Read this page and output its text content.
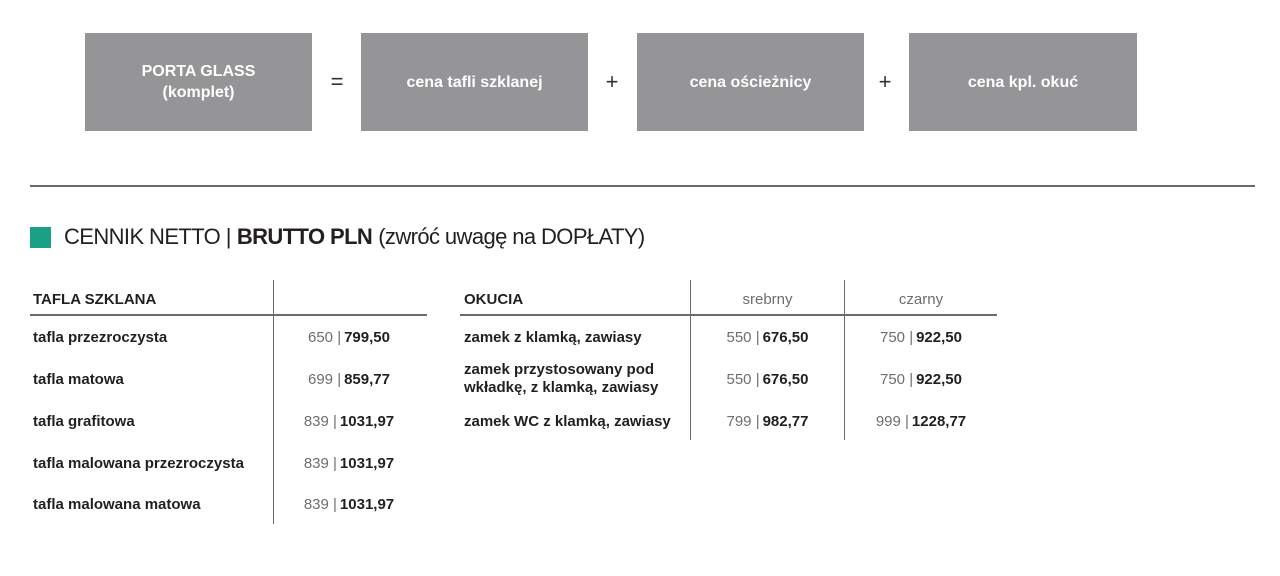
PORTA GLASS
(komplet)	=	cena tafli szklanej	+	cena ościeżnicy	+	cena kpl. okuć
CENNIK NETTO | BRUTTO PLN (zwróć uwagę na DOPŁATY)
TAFLA SZKLANA
tafla przezroczysta	650 | 799,50
tafla matowa	699 | 859,77
tafla grafitowa	839 | 1031,97
tafla malowana przezroczysta	839 | 1031,97
tafla malowana matowa	839 | 1031,97
OKUCIA	srebrny	czarny
zamek z klamką, zawiasy	550 | 676,50	750 | 922,50
zamek przystosowany pod
wkładkę, z klamką, zawiasy	550 | 676,50	750 | 922,50
zamek WC z klamką, zawiasy	799 | 982,77	999 | 1228,77
